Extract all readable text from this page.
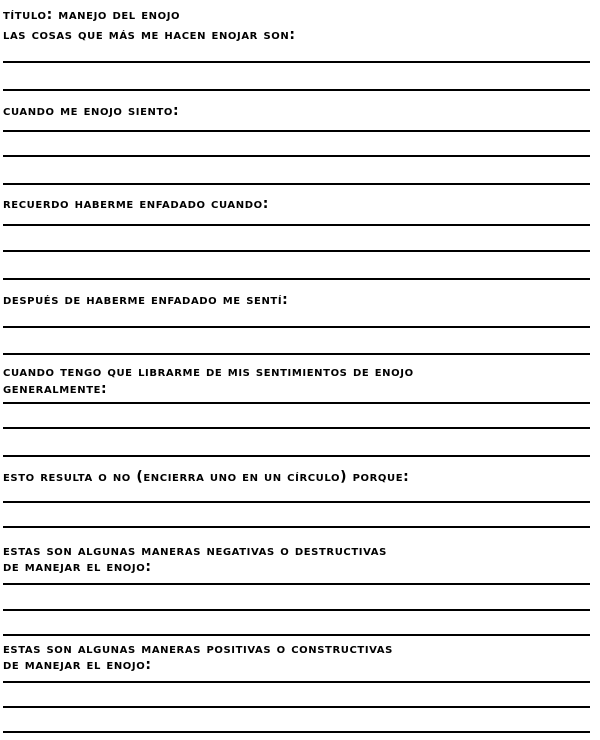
título: manejo del enojo

las cosas que más me hacen enojar son:

cuando me enojo siento:

recuerdo haberme enfadado cuando:

después de haberme enfadado me sentí:

cuando tengo que librarme de mis sentimientos de enojo

generalmente:

esto resulta o no (encierra uno en un círculo) porque:

estas son algunas maneras negativas o destructivas

de manejar el enojo:

estas son algunas maneras positivas o constructivas

de manejar el enojo:
